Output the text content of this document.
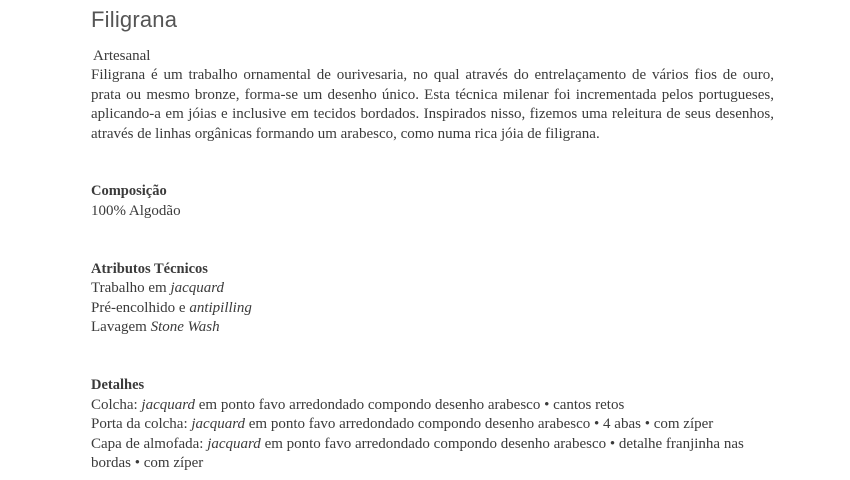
Filigrana
Artesanal

Filigrana é um trabalho ornamental de ourivesaria, no qual através do entrelaçamento de vários fios de ouro, prata ou mesmo bronze, forma-se um desenho único. Esta técnica milenar foi incrementada pelos portugueses, aplicando-a em jóias e inclusive em tecidos bordados. Inspirados nisso, fizemos uma releitura de seus desenhos, através de linhas orgânicas formando um arabesco, como numa rica jóia de filigrana.

Composição
100% Algodão
Atributos Técnicos
Trabalho em jacquard
Pré-encolhido e antipilling
Lavagem Stone Wash
Detalhes
Colcha: jacquard em ponto favo arredondado compondo desenho arabesco • cantos retos
Porta da colcha: jacquard em ponto favo arredondado compondo desenho arabesco • 4 abas • com zíper
Capa de almofada: jacquard em ponto favo arredondado compondo desenho arabesco • detalhe franjinha nas bordas • com zíper
